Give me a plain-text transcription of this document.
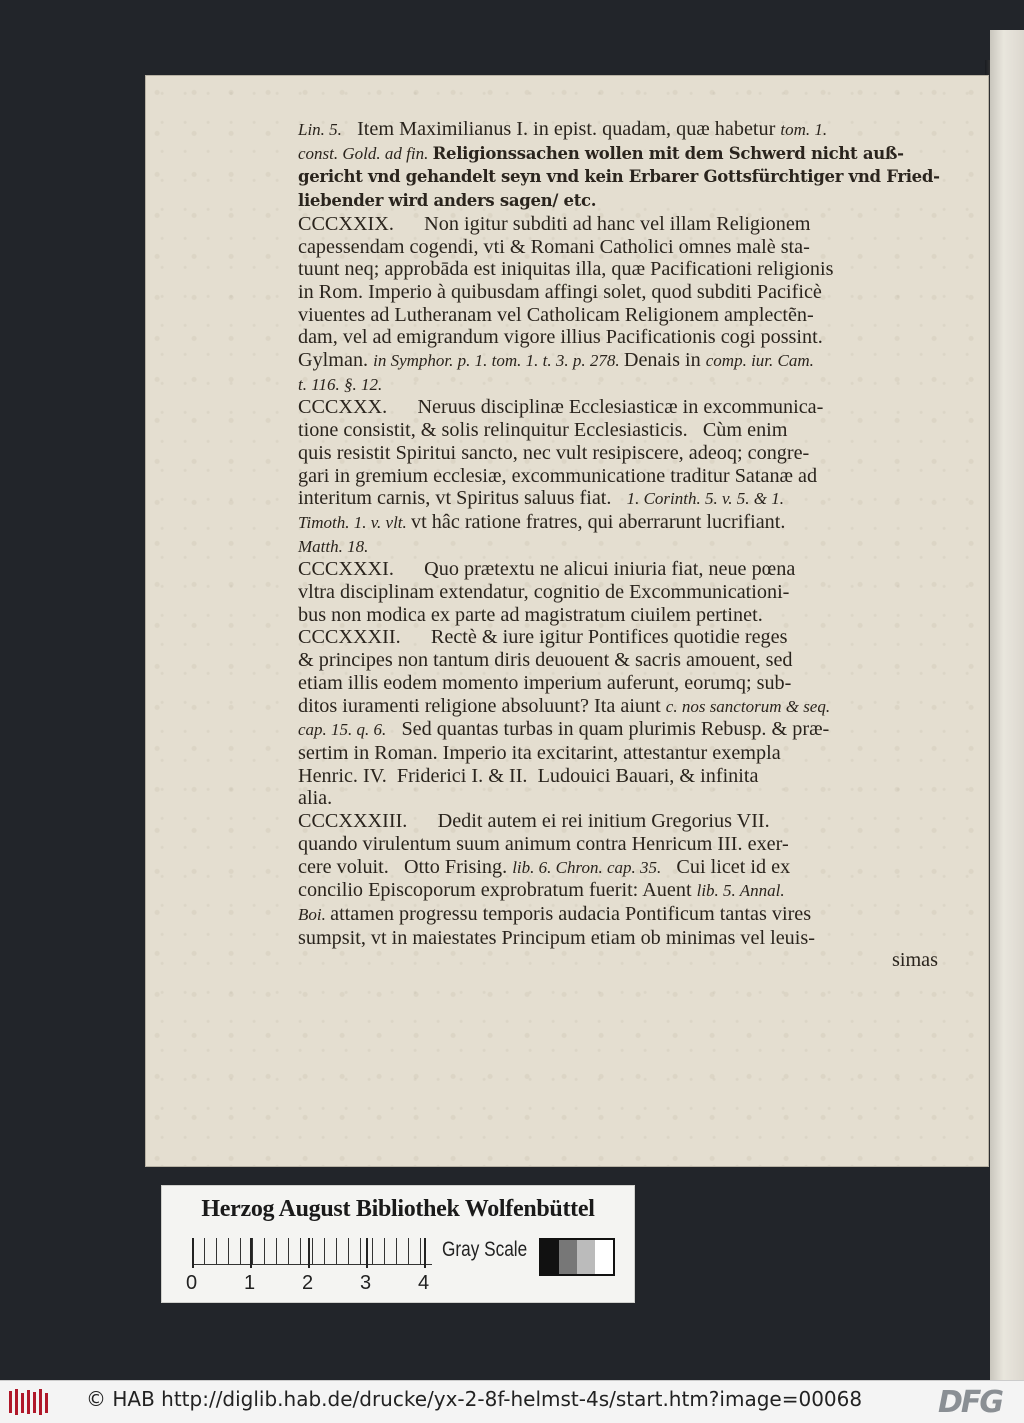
Lin. 5.   Item Maximilianus I. in epist. quadam, quæ habetur tom. 1.

const. Gold. ad fin. Religionssachen wollen mit dem Schwerd nicht auß-

gericht vnd gehandelt seyn vnd kein Erbarer Gottsfürchtiger vnd Fried-

liebender wird anders sagen/ etc.

CCCXXIX.      Non igitur subditi ad hanc vel illam Religionem

capessendam cogendi, vti & Romani Catholici omnes malè sta-

tuunt neq; approbāda est iniquitas illa, quæ Pacificationi religionis

in Rom. Imperio à quibusdam affingi solet, quod subditi Pacificè

viuentes ad Lutheranam vel Catholicam Religionem amplectẽn-

dam, vel ad emigrandum vigore illius Pacificationis cogi possint.

Gylman. in Symphor. p. 1. tom. 1. t. 3. p. 278. Denais in comp. iur. Cam.

t. 116. §. 12.

CCCXXX.      Neruus disciplinæ Ecclesiasticæ in excommunica-

tione consistit, & solis relinquitur Ecclesiasticis.   Cùm enim

quis resistit Spiritui sancto, nec vult resipiscere, adeoq; congre-

gari in gremium ecclesiæ, excommunicatione traditur Satanæ ad

interitum carnis, vt Spiritus saluus fiat.   1. Corinth. 5. v. 5. & 1.

Timoth. 1. v. vlt. vt hâc ratione fratres, qui aberrarunt lucrifiant.

Matth. 18.

CCCXXXI.      Quo prætextu ne alicui iniuria fiat, neue pœna

vltra disciplinam extendatur, cognitio de Excommunicationi-

bus non modica ex parte ad magistratum ciuilem pertinet.

CCCXXXII.      Rectè & iure igitur Pontifices quotidie reges

& principes non tantum diris deuouent & sacris amouent, sed

etiam illis eodem momento imperium auferunt, eorumq; sub-

ditos iuramenti religione absoluunt? Ita aiunt c. nos sanctorum & seq.

cap. 15. q. 6.   Sed quantas turbas in quam plurimis Rebusp. & præ-

sertim in Roman. Imperio ita excitarint, attestantur exempla

Henric. IV.  Friderici I. & II.  Ludouici Bauari, & infinita

alia.

CCCXXXIII.      Dedit autem ei rei initium Gregorius VII.

quando virulentum suum animum contra Henricum III. exer-

cere voluit.   Otto Frising. lib. 6. Chron. cap. 35.   Cui licet id ex

concilio Episcoporum exprobratum fuerit: Auent lib. 5. Annal.

Boi. attamen progressu temporis audacia Pontificum tantas vires

sumpsit, vt in maiestates Principum etiam ob minimas vel leuis-

simas

Herzog August Bibliothek Wolfenbüttel
0 1 2 3 4
Gray Scale
© HAB http://diglib.hab.de/drucke/yx-2-8f-helmst-4s/start.htm?image=00068	DFG
